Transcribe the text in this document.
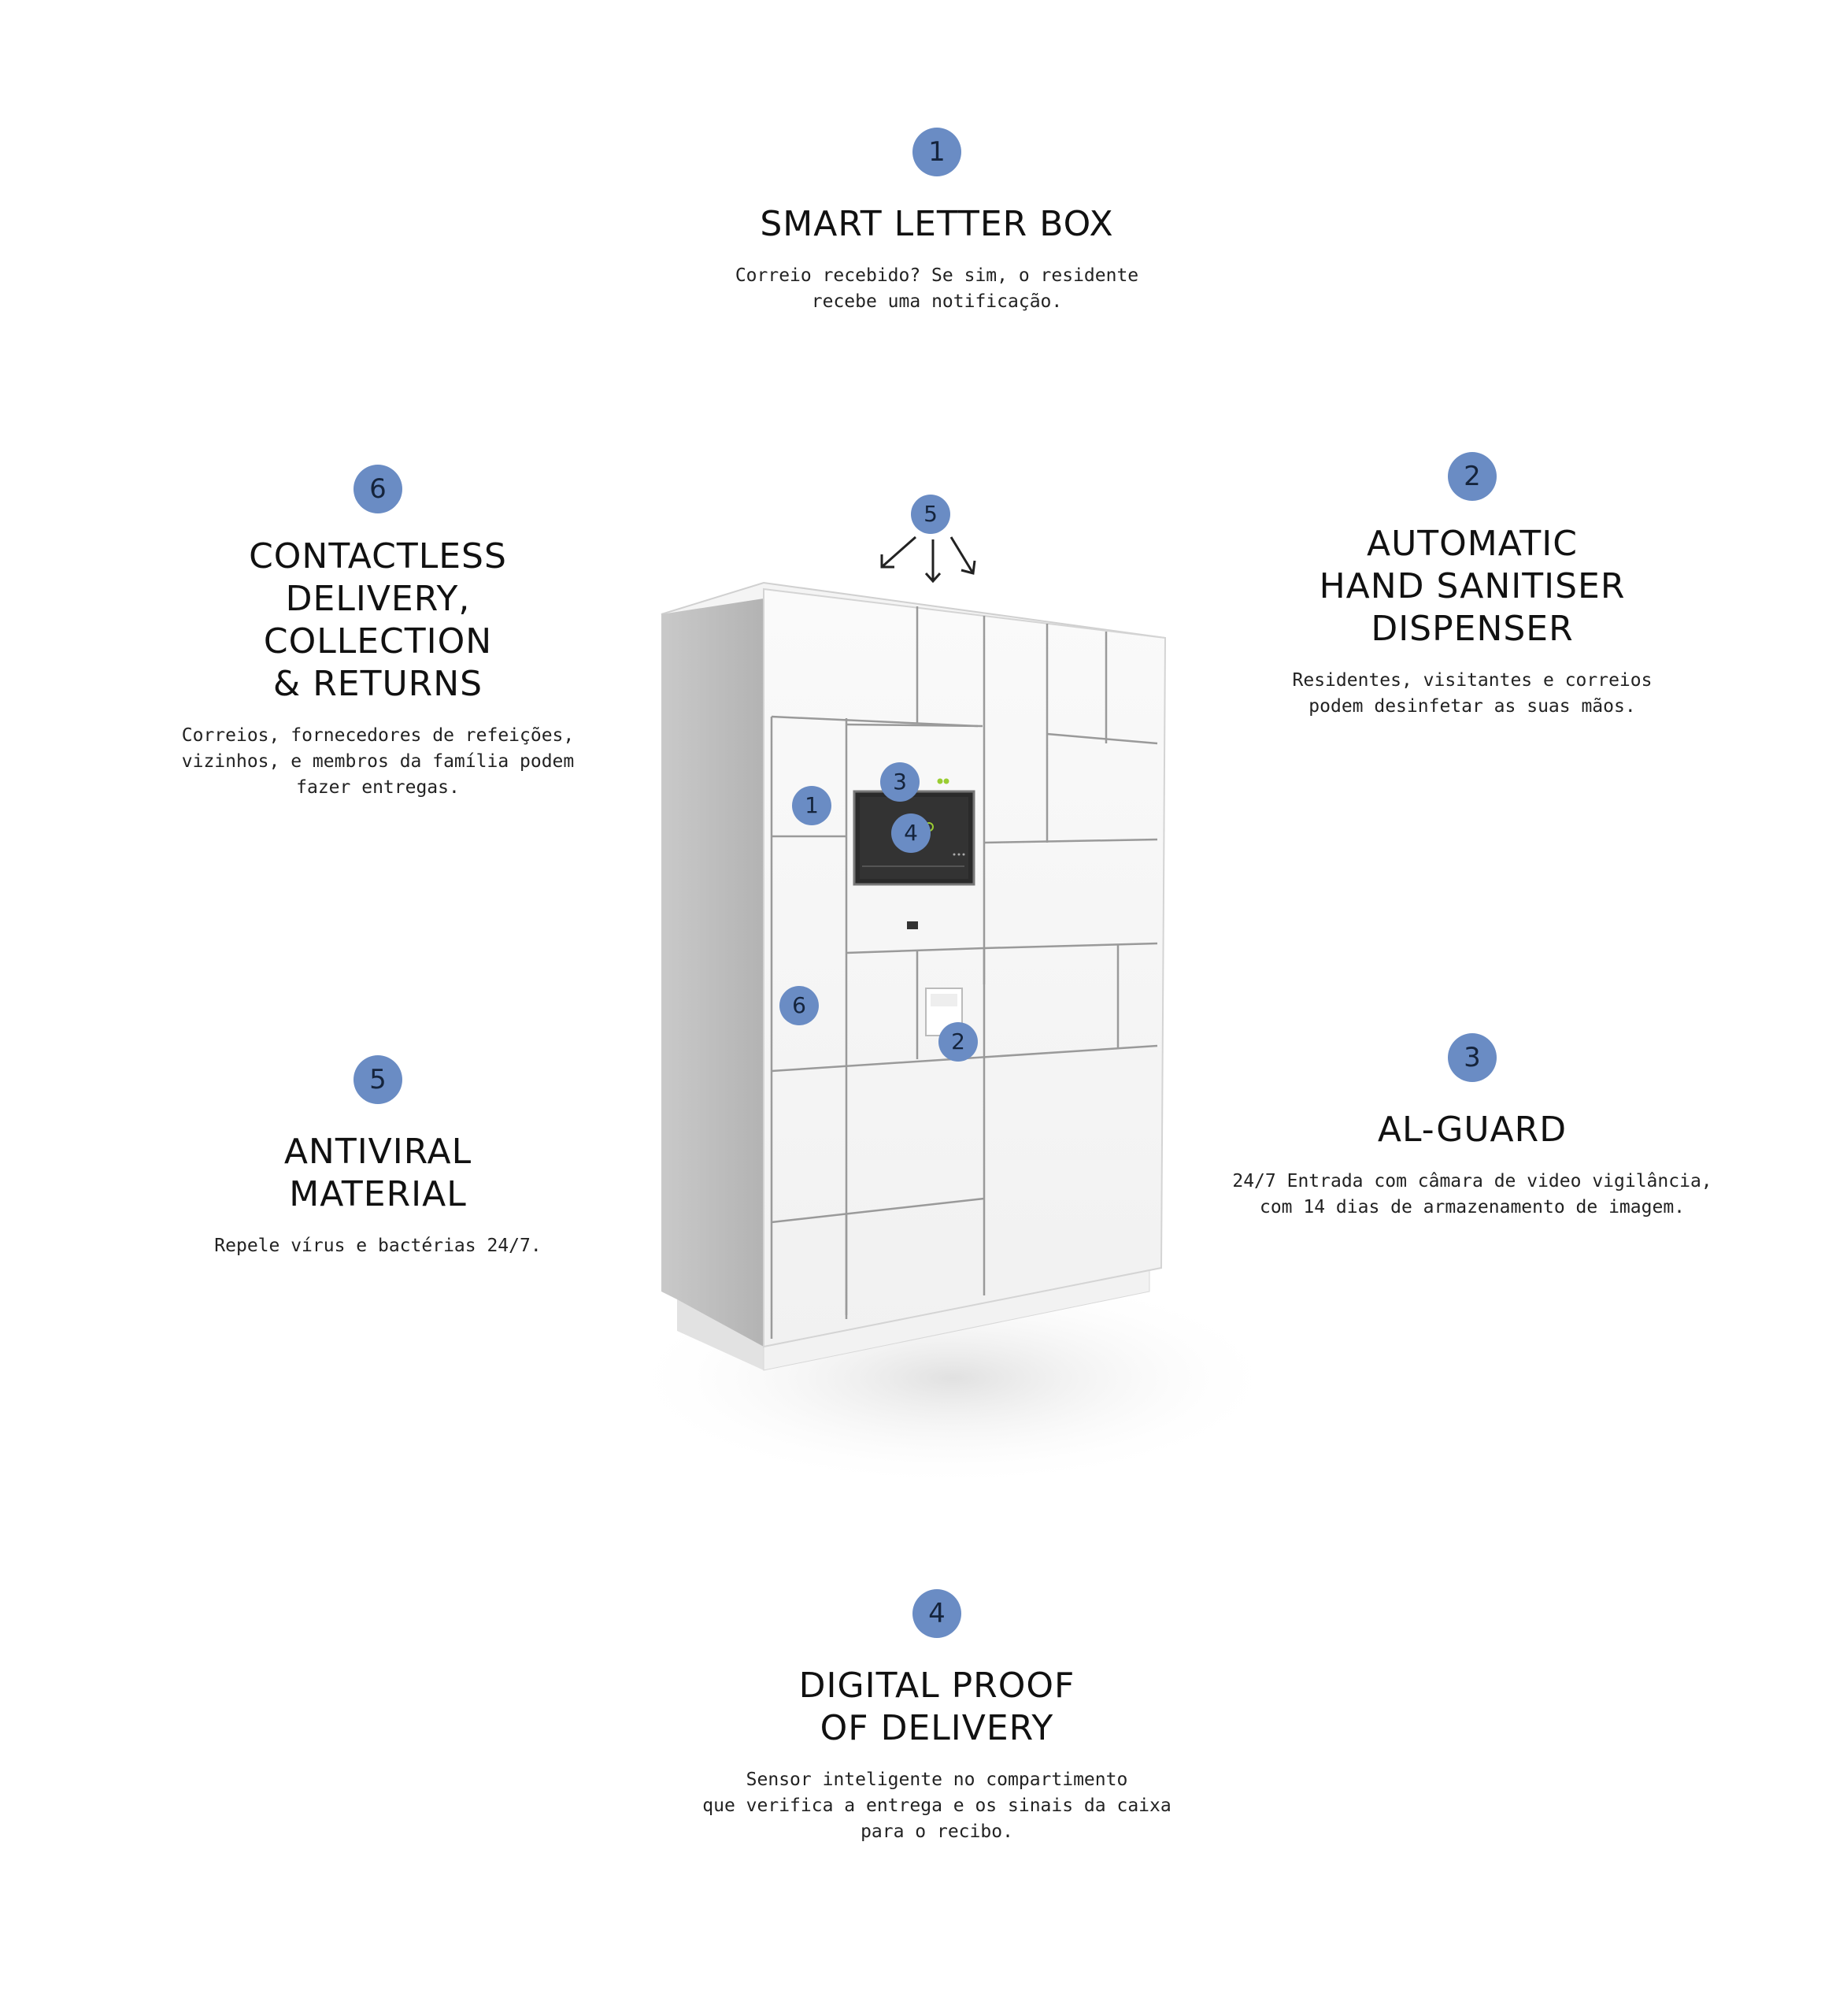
1
SMART LETTER BOX
Correio recebido? Se sim, o residente
recebe uma notificação.
6
CONTACTLESS
DELIVERY,
COLLECTION
& RETURNS
Correios, fornecedores de refeições,
vizinhos, e membros da família podem
fazer entregas.
2
AUTOMATIC
HAND SANITISER
DISPENSER
Residentes, visitantes e correios
podem desinfetar as suas mãos.
5
ANTIVIRAL
MATERIAL
Repele vírus e bactérias 24/7.
3
AL-GUARD
24/7 Entrada com câmara de video vigilância,
com 14 dias de armazenamento de imagem.
4
DIGITAL PROOF
OF DELIVERY
Sensor inteligente no compartimento
que verifica a entrega e os sinais da caixa
para o recibo.
5
3
1
4
6
2
